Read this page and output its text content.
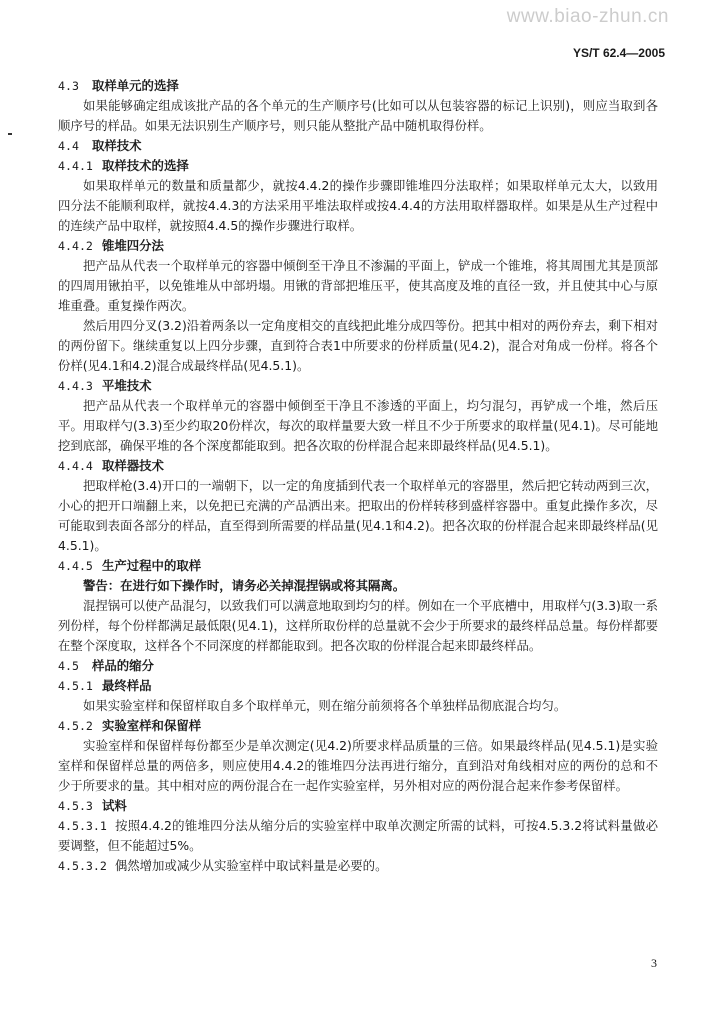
www.biao-zhun.cn
YS/T 62.4—2005
4.3 取样单元的选择
如果能够确定组成该批产品的各个单元的生产顺序号(比如可以从包装容器的标记上识别)，则应当取到各顺序号的样品。如果无法识别生产顺序号，则只能从整批产品中随机取得份样。
4.4 取样技术
4.4.1 取样技术的选择
如果取样单元的数量和质量都少，就按4.4.2的操作步骤即锥堆四分法取样；如果取样单元太大，以致用四分法不能顺利取样，就按4.4.3的方法采用平堆法取样或按4.4.4的方法用取样器取样。如果是从生产过程中的连续产品中取样，就按照4.4.5的操作步骤进行取样。
4.4.2 锥堆四分法
把产品从代表一个取样单元的容器中倾倒至干净且不渗漏的平面上，铲成一个锥堆，将其周围尤其是顶部的四周用锹拍平，以免锥堆从中部坍塌。用锹的背部把堆压平，使其高度及堆的直径一致，并且使其中心与原堆重叠。重复操作两次。
然后用四分叉(3.2)沿着两条以一定角度相交的直线把此堆分成四等份。把其中相对的两份弃去，剩下相对的两份留下。继续重复以上四分步骤，直到符合表1中所要求的份样质量(见4.2)，混合对角成一份样。将各个份样(见4.1和4.2)混合成最终样品(见4.5.1)。
4.4.3 平堆技术
把产品从代表一个取样单元的容器中倾倒至干净且不渗透的平面上，均匀混匀，再铲成一个堆，然后压平。用取样勺(3.3)至少约取20份样次，每次的取样量要大致一样且不少于所要求的取样量(见4.1)。尽可能地挖到底部，确保平堆的各个深度都能取到。把各次取的份样混合起来即最终样品(见4.5.1)。
4.4.4 取样器技术
把取样枪(3.4)开口的一端朝下，以一定的角度插到代表一个取样单元的容器里，然后把它转动两到三次，小心的把开口端翻上来，以免把已充满的产品洒出来。把取出的份样转移到盛样容器中。重复此操作多次，尽可能取到表面各部分的样品，直至得到所需要的样品量(见4.1和4.2)。把各次取的份样混合起来即最终样品(见4.5.1)。
4.4.5 生产过程中的取样
警告：在进行如下操作时，请务必关掉混捏锅或将其隔离。
混捏锅可以使产品混匀，以致我们可以满意地取到均匀的样。例如在一个平底槽中，用取样勺(3.3)取一系列份样，每个份样都满足最低限(见4.1)，这样所取份样的总量就不会少于所要求的最终样品总量。每份样都要在整个深度取，这样各个不同深度的样都能取到。把各次取的份样混合起来即最终样品。
4.5 样品的缩分
4.5.1 最终样品
如果实验室样和保留样取自多个取样单元，则在缩分前须将各个单独样品彻底混合均匀。
4.5.2 实验室样和保留样
实验室样和保留样每份都至少是单次测定(见4.2)所要求样品质量的三倍。如果最终样品(见4.5.1)是实验室样和保留样总量的两倍多，则应使用4.4.2的锥堆四分法再进行缩分，直到沿对角线相对应的两份的总和不少于所要求的量。其中相对应的两份混合在一起作实验室样，另外相对应的两份混合起来作参考保留样。
4.5.3 试料
4.5.3.1 按照4.4.2的锥堆四分法从缩分后的实验室样中取单次测定所需的试料，可按4.5.3.2将试料量做必要调整，但不能超过5%。
4.5.3.2 偶然增加或减少从实验室样中取试料量是必要的。
3
